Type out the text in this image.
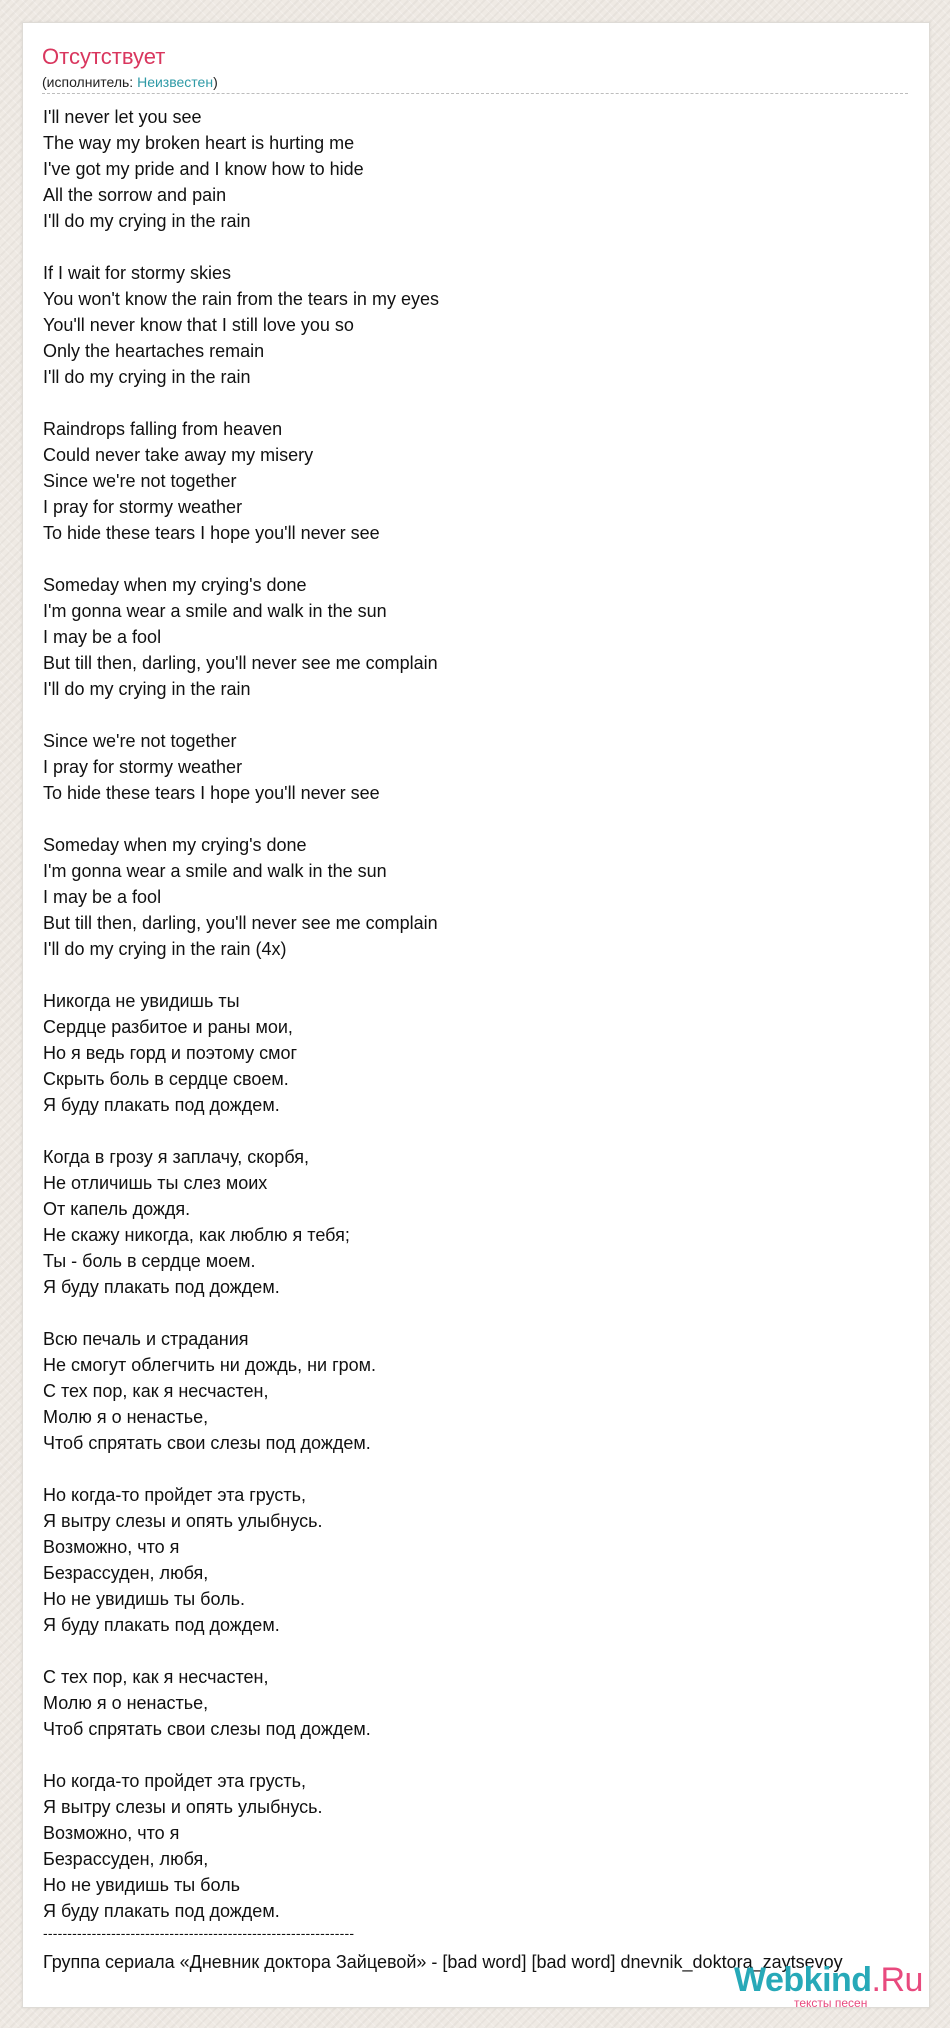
Отсутствует
(исполнитель: Неизвестен)
I'll never let you see
The way my broken heart is hurting me
I've got my pride and I know how to hide
All the sorrow and pain
I'll do my crying in the rain
If I wait for stormy skies
You won't know the rain from the tears in my eyes
You'll never know that I still love you so
Only the heartaches remain
I'll do my crying in the rain
Raindrops falling from heaven
Could never take away my misery
Since we're not together
I pray for stormy weather
To hide these tears I hope you'll never see
Someday when my crying's done
I'm gonna wear a smile and walk in the sun
I may be a fool
But till then, darling, you'll never see me complain
I'll do my crying in the rain
Since we're not together
I pray for stormy weather
To hide these tears I hope you'll never see
Someday when my crying's done
I'm gonna wear a smile and walk in the sun
I may be a fool
But till then, darling, you'll never see me complain
I'll do my crying in the rain (4x)
Никогда не увидишь ты
Сердце разбитое и раны мои,
Но я ведь горд и поэтому смог
Скрыть боль в сердце своем.
Я буду плакать под дождем.
Когда в грозу я заплачу, скорбя,
Не отличишь ты слез моих
От капель дождя.
Не скажу никогда, как люблю я тебя;
Ты - боль в сердце моем.
Я буду плакать под дождем.
Всю печаль и страдания
Не смогут облегчить ни дождь, ни гром.
С тех пор, как я несчастен,
Молю я о ненастье,
Чтоб спрятать свои слезы под дождем.
Но когда-то пройдет эта грусть,
Я вытру слезы и опять улыбнусь.
Возможно, что я
Безрассуден, любя,
Но не увидишь ты боль.
Я буду плакать под дождем.
С тех пор, как я несчастен,
Молю я о ненастье,
Чтоб спрятать свои слезы под дождем.
Но когда-то пройдет эта грусть,
Я вытру слезы и опять улыбнусь.
Возможно, что я
Безрассуден, любя,
Но не увидишь ты боль
Я буду плакать под дождем.
----------------------------------------------------------------
Группа сериала «Дневник доктора Зайцевой» - [bad word] [bad word] dnevnik_doktora_zaytsevoy
Webkind.Ru
тексты песен
